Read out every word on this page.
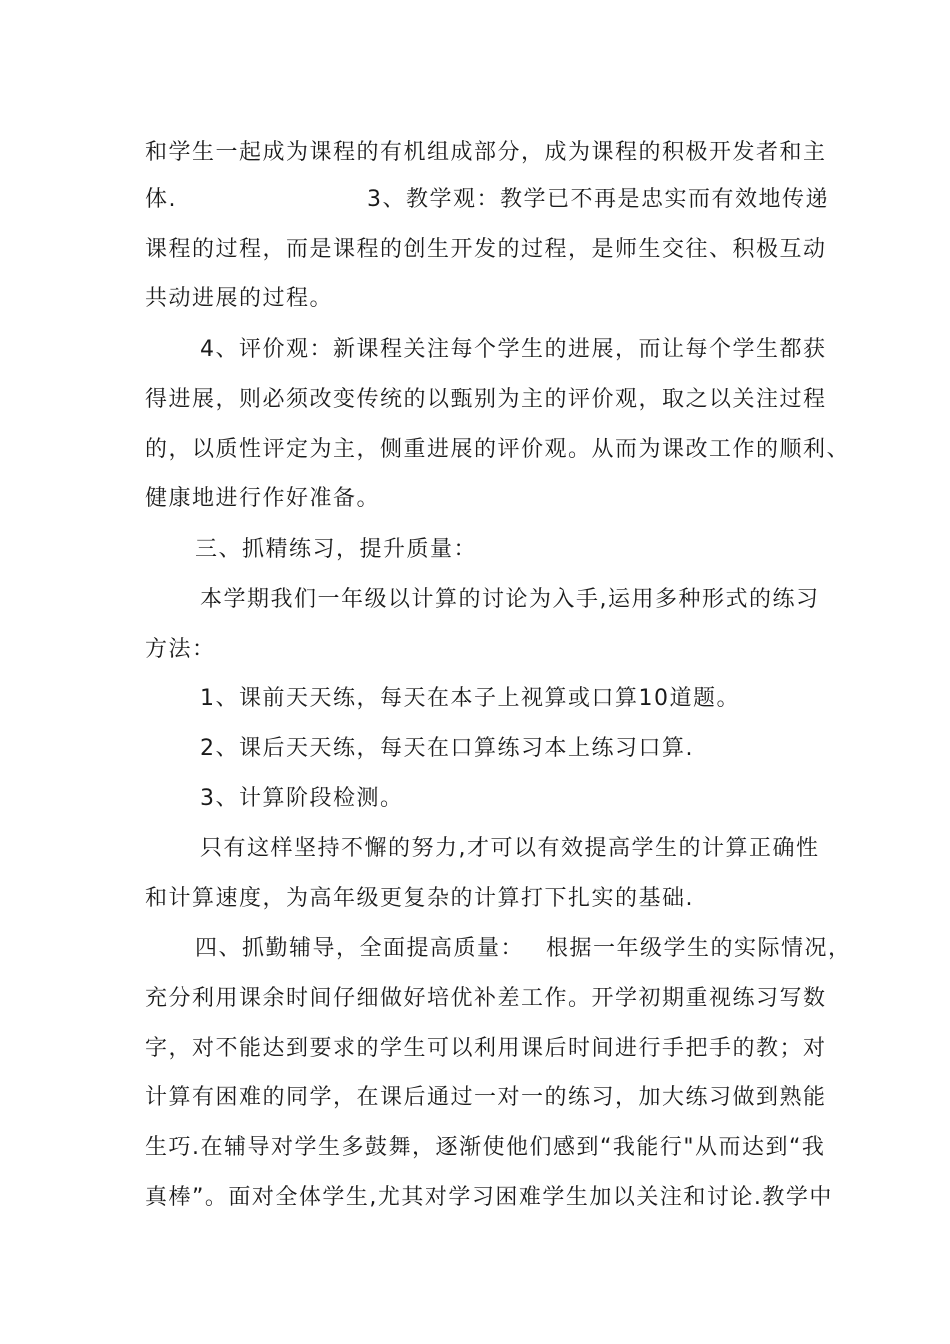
和学生一起成为课程的有机组成部分，成为课程的积极开发者和主
体.	3、教学观：教学已不再是忠实而有效地传递
课程的过程，而是课程的创生开发的过程，是师生交往、积极互动
共动进展的过程。
4、评价观：新课程关注每个学生的进展，而让每个学生都获
得进展，则必须改变传统的以甄别为主的评价观，取之以关注过程
的，以质性评定为主，侧重进展的评价观。从而为课改工作的顺利、
健康地进行作好准备。
三、抓精练习，提升质量：
本学期我们一年级以计算的讨论为入手,运用多种形式的练习
方法：
1、课前天天练，每天在本子上视算或口算10道题。
2、课后天天练，每天在口算练习本上练习口算.
3、计算阶段检测。
只有这样坚持不懈的努力,才可以有效提高学生的计算正确性
和计算速度，为高年级更复杂的计算打下扎实的基础.
四、抓勤辅导，全面提高质量： 根据一年级学生的实际情况，
充分利用课余时间仔细做好培优补差工作。开学初期重视练习写数
字，对不能达到要求的学生可以利用课后时间进行手把手的教；对
计算有困难的同学，在课后通过一对一的练习，加大练习做到熟能
生巧.在辅导对学生多鼓舞，逐渐使他们感到“我能行"从而达到“我
真棒”。面对全体学生,尤其对学习困难学生加以关注和讨论.教学中
